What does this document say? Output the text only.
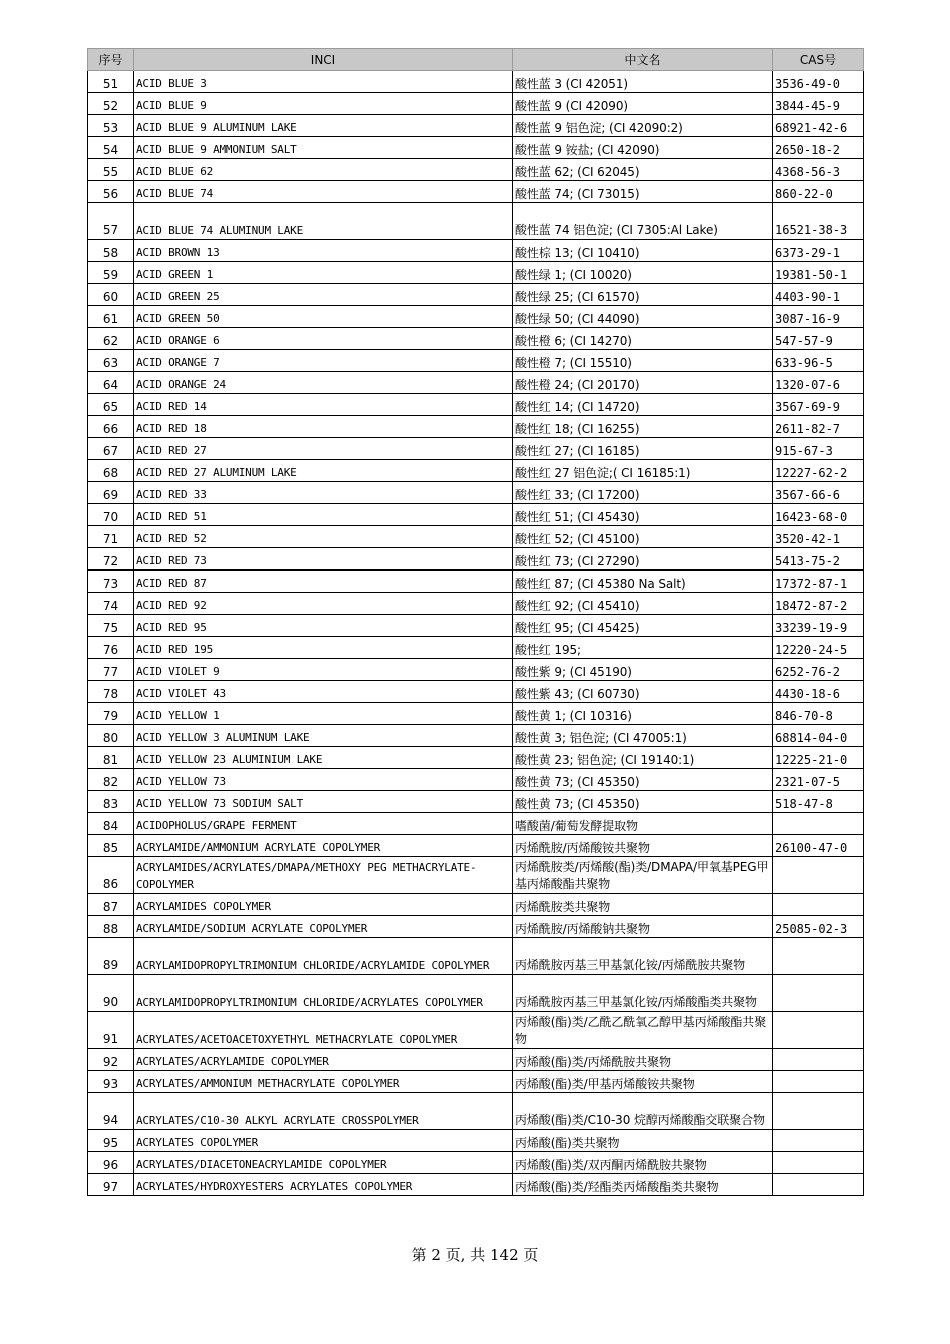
序号	INCI	中文名	CAS号
51	ACID BLUE 3	酸性蓝 3 (CI 42051)	3536-49-0
52	ACID BLUE 9	酸性蓝 9 (CI 42090)	3844-45-9
53	ACID BLUE 9 ALUMINUM LAKE	酸性蓝 9 铝色淀; (CI 42090:2)	68921-42-6
54	ACID BLUE 9 AMMONIUM SALT	酸性蓝 9 铵盐; (CI 42090)	2650-18-2
55	ACID BLUE 62	酸性蓝 62; (CI 62045)	4368-56-3
56	ACID BLUE 74	酸性蓝 74; (CI 73015)	860-22-0
57	ACID BLUE 74 ALUMINUM LAKE	酸性蓝 74 铝色淀; (CI 7305:Al Lake)	16521-38-3
58	ACID BROWN 13	酸性棕 13; (CI 10410)	6373-29-1
59	ACID GREEN 1	酸性绿 1; (CI 10020)	19381-50-1
60	ACID GREEN 25	酸性绿 25; (CI 61570)	4403-90-1
61	ACID GREEN 50	酸性绿 50; (CI 44090)	3087-16-9
62	ACID ORANGE 6	酸性橙 6; (CI 14270)	547-57-9
63	ACID ORANGE 7	酸性橙 7; (CI 15510)	633-96-5
64	ACID ORANGE 24	酸性橙 24; (CI 20170)	1320-07-6
65	ACID RED 14	酸性红 14; (CI 14720)	3567-69-9
66	ACID RED 18	酸性红 18; (CI 16255)	2611-82-7
67	ACID RED 27	酸性红 27; (CI 16185)	915-67-3
68	ACID RED 27 ALUMINUM LAKE	酸性红 27 铝色淀;( CI 16185:1)	12227-62-2
69	ACID RED 33	酸性红 33; (CI 17200)	3567-66-6
70	ACID RED 51	酸性红 51; (CI 45430)	16423-68-0
71	ACID RED 52	酸性红 52; (CI 45100)	3520-42-1
72	ACID RED 73	酸性红 73; (CI 27290)	5413-75-2
73	ACID RED 87	酸性红 87; (CI 45380 Na Salt)	17372-87-1
74	ACID RED 92	酸性红 92; (CI 45410)	18472-87-2
75	ACID RED 95	酸性红 95; (CI 45425)	33239-19-9
76	ACID RED 195	酸性红 195;	12220-24-5
77	ACID VIOLET 9	酸性紫 9; (CI 45190)	6252-76-2
78	ACID VIOLET 43	酸性紫 43; (CI 60730)	4430-18-6
79	ACID YELLOW 1	酸性黄 1; (CI 10316)	846-70-8
80	ACID YELLOW 3 ALUMINUM LAKE	酸性黄 3; 铝色淀; (CI 47005:1)	68814-04-0
81	ACID YELLOW 23 ALUMINIUM LAKE	酸性黄 23; 铝色淀; (CI 19140:1)	12225-21-0
82	ACID YELLOW 73	酸性黄 73; (CI 45350)	2321-07-5
83	ACID YELLOW 73 SODIUM SALT	酸性黄 73; (CI 45350)	518-47-8
84	ACIDOPHOLUS/GRAPE FERMENT	嗜酸菌/葡萄发酵提取物	
85	ACRYLAMIDE/AMMONIUM ACRYLATE COPOLYMER	丙烯酰胺/丙烯酸铵共聚物	26100-47-0
86	ACRYLAMIDES/ACRYLATES/DMAPA/METHOXY PEG METHACRYLATE-COPOLYMER	丙烯酰胺类/丙烯酸(酯)类/DMAPA/甲氧基PEG甲基丙烯酸酯共聚物	
87	ACRYLAMIDES COPOLYMER	丙烯酰胺类共聚物	
88	ACRYLAMIDE/SODIUM ACRYLATE COPOLYMER	丙烯酰胺/丙烯酸钠共聚物	25085-02-3
89	ACRYLAMIDOPROPYLTRIMONIUM CHLORIDE/ACRYLAMIDE COPOLYMER	丙烯酰胺丙基三甲基氯化铵/丙烯酰胺共聚物	
90	ACRYLAMIDOPROPYLTRIMONIUM CHLORIDE/ACRYLATES COPOLYMER	丙烯酰胺丙基三甲基氯化铵/丙烯酸酯类共聚物	
91	ACRYLATES/ACETOACETOXYETHYL METHACRYLATE COPOLYMER	丙烯酸(酯)类/乙酰乙酰氧乙醇甲基丙烯酸酯共聚物	
92	ACRYLATES/ACRYLAMIDE COPOLYMER	丙烯酸(酯)类/丙烯酰胺共聚物	
93	ACRYLATES/AMMONIUM METHACRYLATE COPOLYMER	丙烯酸(酯)类/甲基丙烯酸铵共聚物	
94	ACRYLATES/C10-30 ALKYL ACRYLATE CROSSPOLYMER	丙烯酸(酯)类/C10-30 烷醇丙烯酸酯交联聚合物	
95	ACRYLATES COPOLYMER	丙烯酸(酯)类共聚物	
96	ACRYLATES/DIACETONEACRYLAMIDE COPOLYMER	丙烯酸(酯)类/双丙酮丙烯酰胺共聚物	
97	ACRYLATES/HYDROXYESTERS ACRYLATES COPOLYMER	丙烯酸(酯)类/羟酯类丙烯酸酯类共聚物	
第 2 页, 共 142 页
